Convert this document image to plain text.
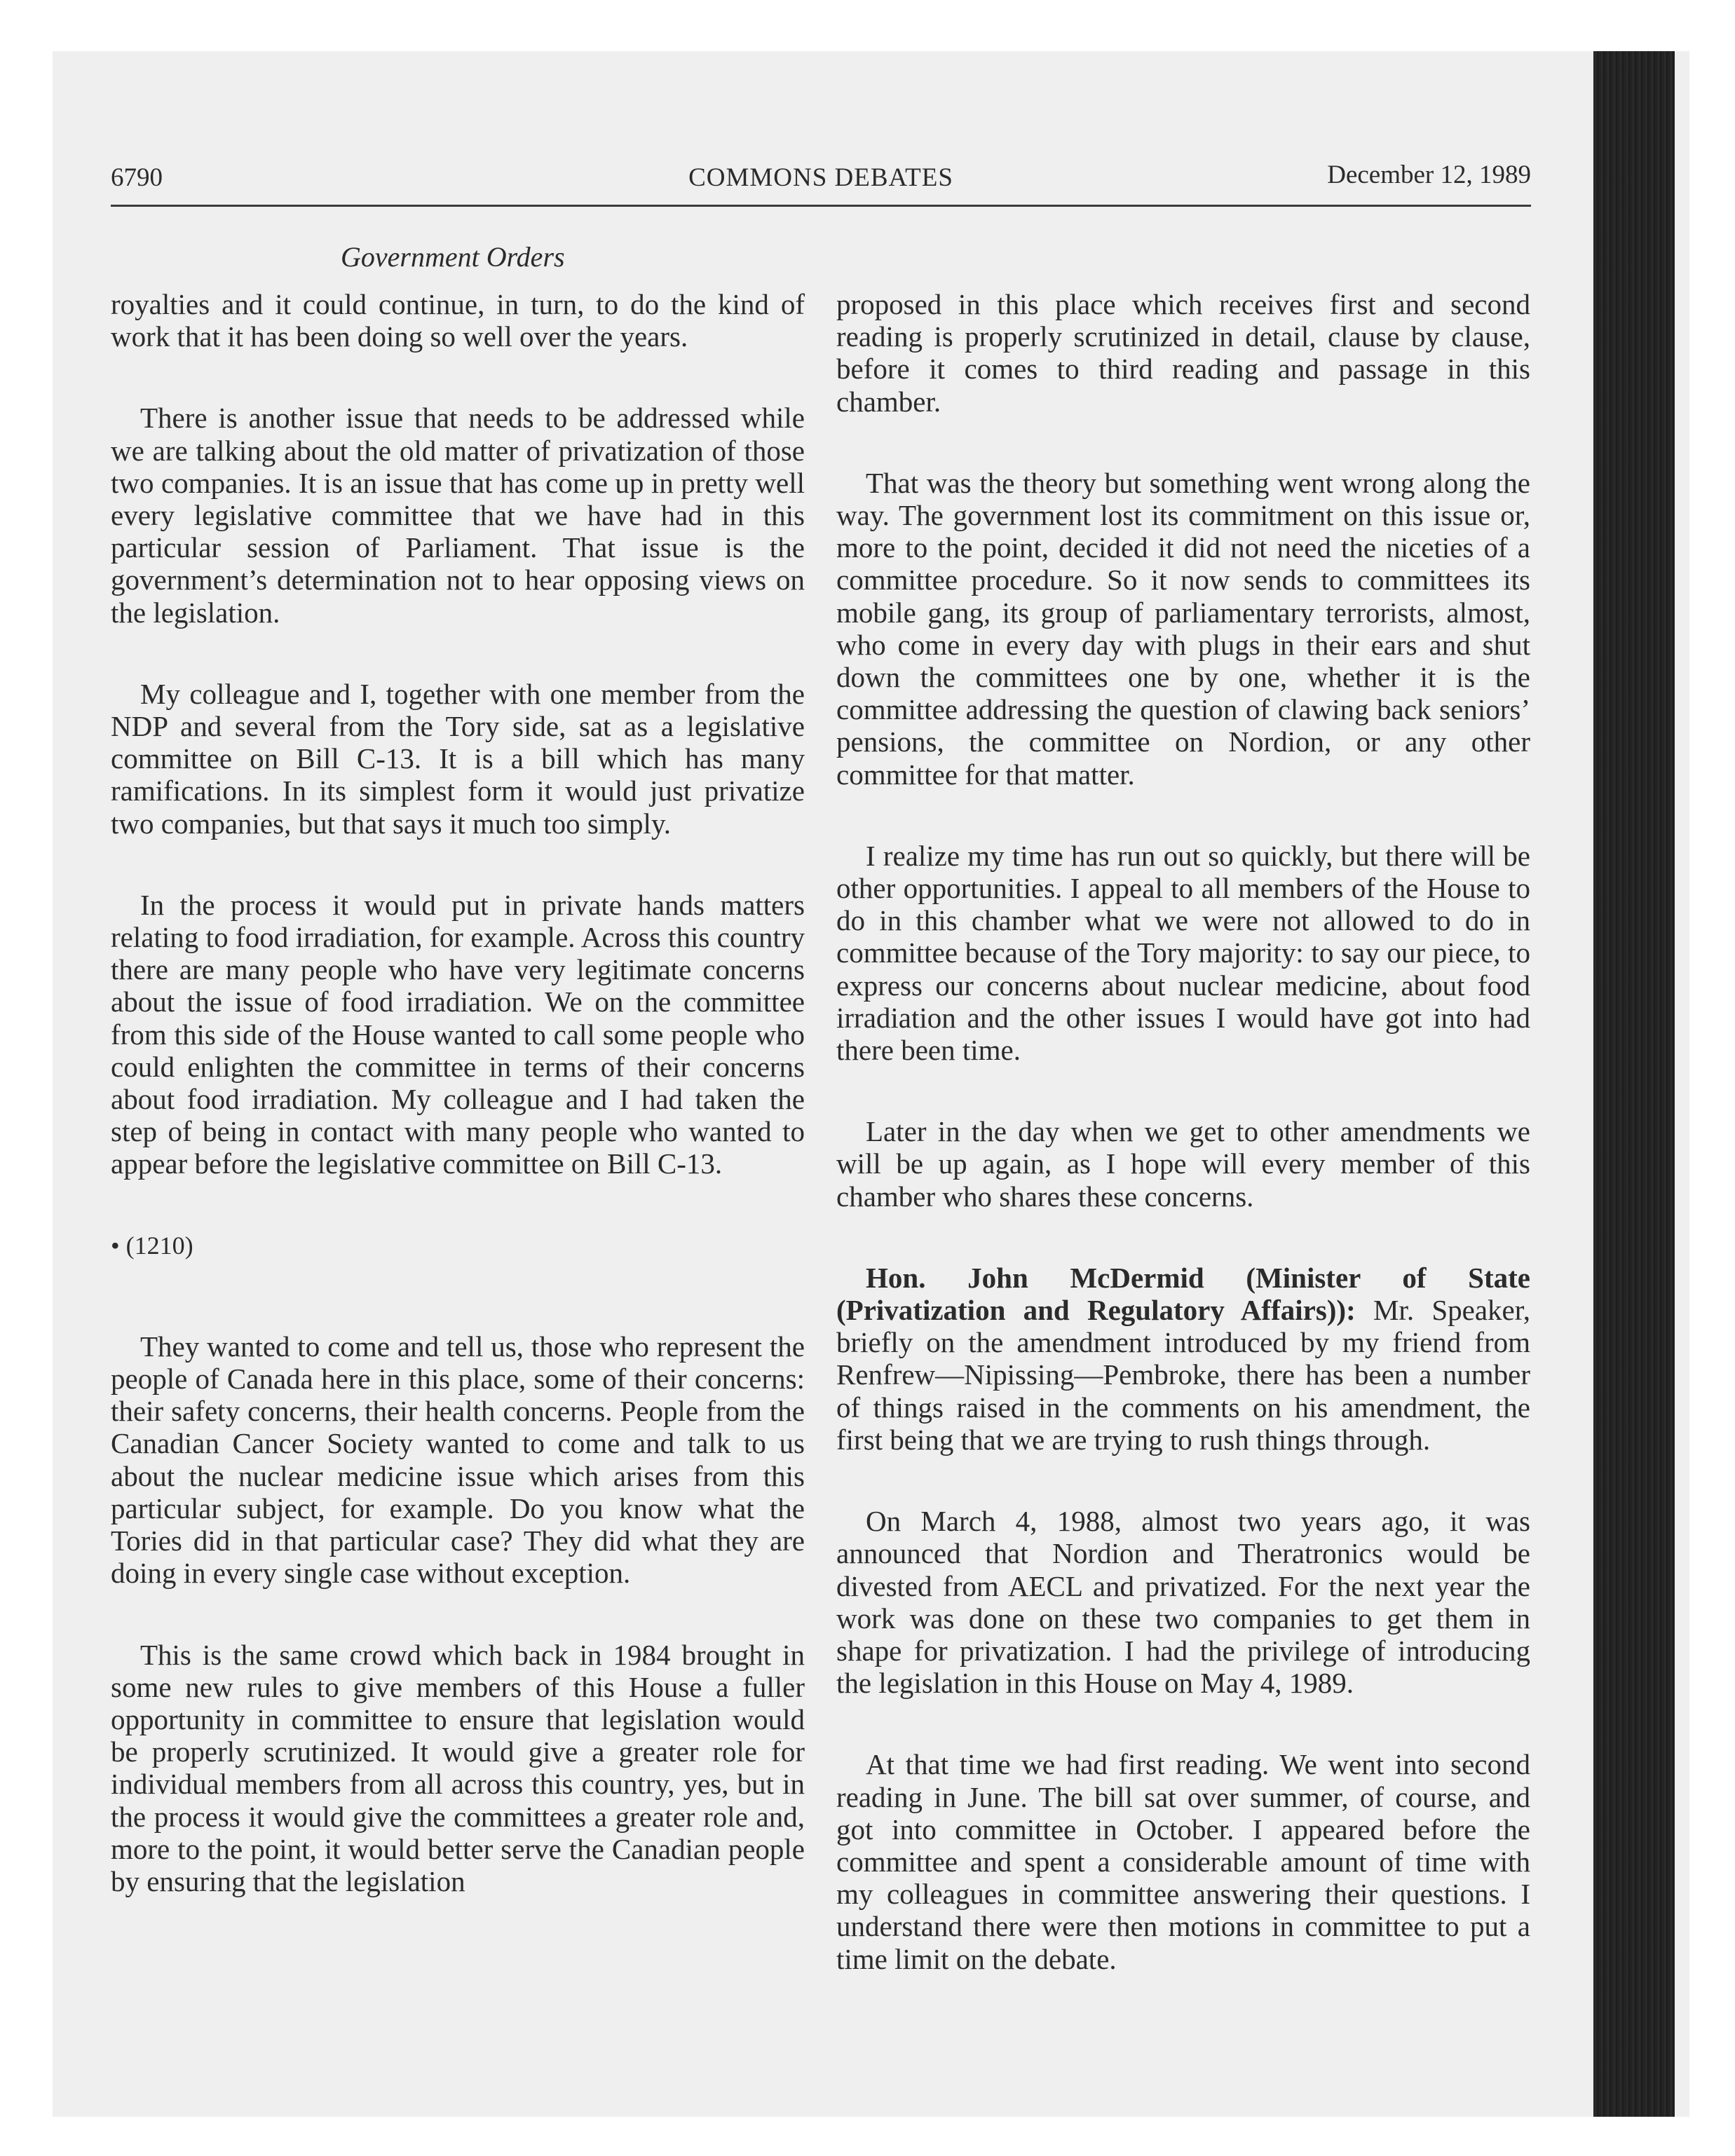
6790	COMMONS DEBATES	December 12, 1989
Government Orders

royalties and it could continue, in turn, to do the kind of work that it has been doing so well over the years.

There is another issue that needs to be addressed while we are talking about the old matter of privatization of those two companies. It is an issue that has come up in pretty well every legislative committee that we have had in this particular session of Parliament. That issue is the government’s determination not to hear opposing views on the legislation.

My colleague and I, together with one member from the NDP and several from the Tory side, sat as a legislative committee on Bill C-13. It is a bill which has many ramifications. In its simplest form it would just privatize two companies, but that says it much too simply.

In the process it would put in private hands matters relating to food irradiation, for example. Across this country there are many people who have very legitimate concerns about the issue of food irradiation. We on the committee from this side of the House wanted to call some people who could enlighten the committee in terms of their concerns about food irradiation. My colleague and I had taken the step of being in contact with many people who wanted to appear before the legislative committee on Bill C-13.

• (1210)

They wanted to come and tell us, those who represent the people of Canada here in this place, some of their concerns: their safety concerns, their health concerns. People from the Canadian Cancer Society wanted to come and talk to us about the nuclear medicine issue which arises from this particular subject, for example. Do you know what the Tories did in that particular case? They did what they are doing in every single case without exception.

This is the same crowd which back in 1984 brought in some new rules to give members of this House a fuller opportunity in committee to ensure that legislation would be properly scrutinized. It would give a greater role for individual members from all across this country, yes, but in the process it would give the committees a greater role and, more to the point, it would better serve the Canadian people by ensuring that the legislation

proposed in this place which receives first and second reading is properly scrutinized in detail, clause by clause, before it comes to third reading and passage in this chamber.

That was the theory but something went wrong along the way. The government lost its commitment on this issue or, more to the point, decided it did not need the niceties of a committee procedure. So it now sends to committees its mobile gang, its group of parliamentary terrorists, almost, who come in every day with plugs in their ears and shut down the committees one by one, whether it is the committee addressing the question of clawing back seniors’ pensions, the committee on Nordion, or any other committee for that matter.

I realize my time has run out so quickly, but there will be other opportunities. I appeal to all members of the House to do in this chamber what we were not allowed to do in committee because of the Tory majority: to say our piece, to express our concerns about nuclear medicine, about food irradiation and the other issues I would have got into had there been time.

Later in the day when we get to other amendments we will be up again, as I hope will every member of this chamber who shares these concerns.

Hon. John McDermid (Minister of State (Privatization and Regulatory Affairs)): Mr. Speaker, briefly on the amendment introduced by my friend from Renfrew—Nipissing—Pembroke, there has been a number of things raised in the comments on his amendment, the first being that we are trying to rush things through.

On March 4, 1988, almost two years ago, it was announced that Nordion and Theratronics would be divested from AECL and privatized. For the next year the work was done on these two companies to get them in shape for privatization. I had the privilege of introducing the legislation in this House on May 4, 1989.

At that time we had first reading. We went into second reading in June. The bill sat over summer, of course, and got into committee in October. I appeared before the committee and spent a considerable amount of time with my colleagues in committee answering their questions. I understand there were then motions in committee to put a time limit on the debate.
